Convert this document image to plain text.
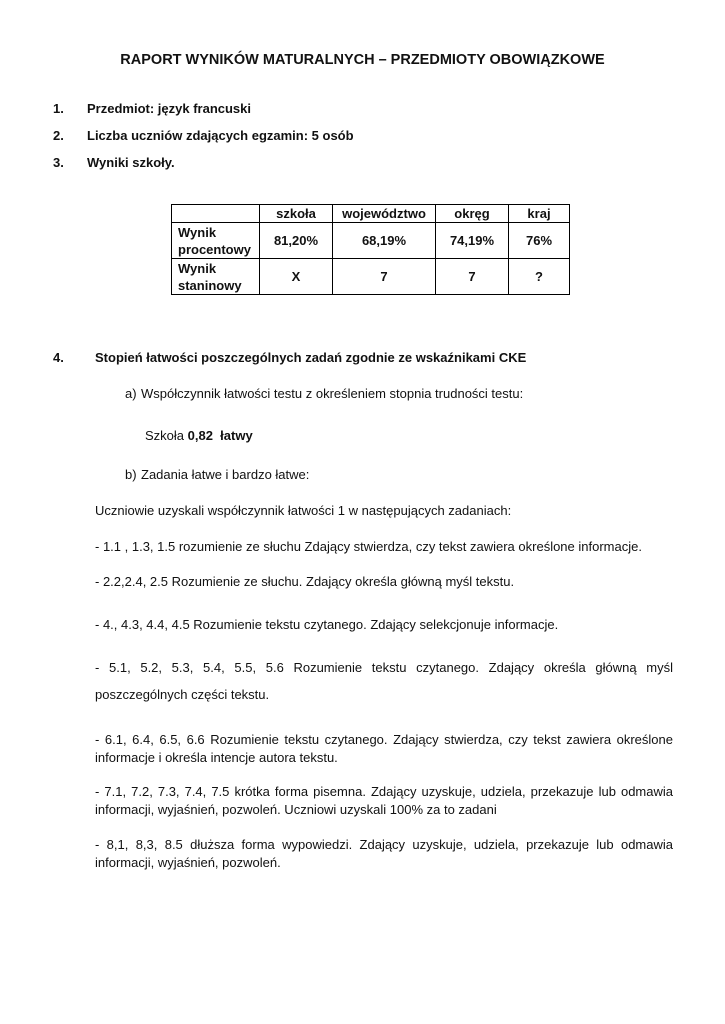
RAPORT WYNIKÓW MATURALNYCH – PRZEDMIOTY OBOWIĄZKOWE
1. Przedmiot: język francuski
2. Liczba uczniów zdających egzamin: 5 osób
3. Wyniki szkoły.
	szkoła	województwo	okręg	kraj
Wynik
procentowy	81,20%	68,19%	74,19%	76%
Wynik
staninowy	X	7	7	?
4. Stopień łatwości poszczególnych zadań zgodnie ze wskaźnikami CKE
a) Współczynnik łatwości testu z określeniem stopnia trudności testu:
Szkoła 0,82  łatwy
b) Zadania łatwe i bardzo łatwe:
Uczniowie uzyskali współczynnik łatwości 1 w następujących zadaniach:
- 1.1 , 1.3, 1.5 rozumienie ze słuchu Zdający stwierdza, czy tekst zawiera określone informacje.
- 2.2,2.4, 2.5 Rozumienie ze słuchu. Zdający określa główną myśl tekstu.
- 4., 4.3, 4.4, 4.5 Rozumienie tekstu czytanego. Zdający selekcjonuje informacje.
- 5.1, 5.2, 5.3, 5.4, 5.5, 5.6 Rozumienie tekstu czytanego. Zdający określa główną myśl
poszczególnych części tekstu.
- 6.1, 6.4, 6.5, 6.6 Rozumienie tekstu czytanego. Zdający stwierdza, czy tekst zawiera określone
informacje i określa intencje autora tekstu.
- 7.1, 7.2, 7.3, 7.4, 7.5 krótka forma pisemna. Zdający uzyskuje, udziela, przekazuje lub odmawia
informacji, wyjaśnień, pozwoleń. Uczniowi uzyskali 100% za to zadani
- 8,1, 8,3, 8.5 dłuższa forma wypowiedzi. Zdający uzyskuje, udziela, przekazuje lub odmawia
informacji, wyjaśnień, pozwoleń.
